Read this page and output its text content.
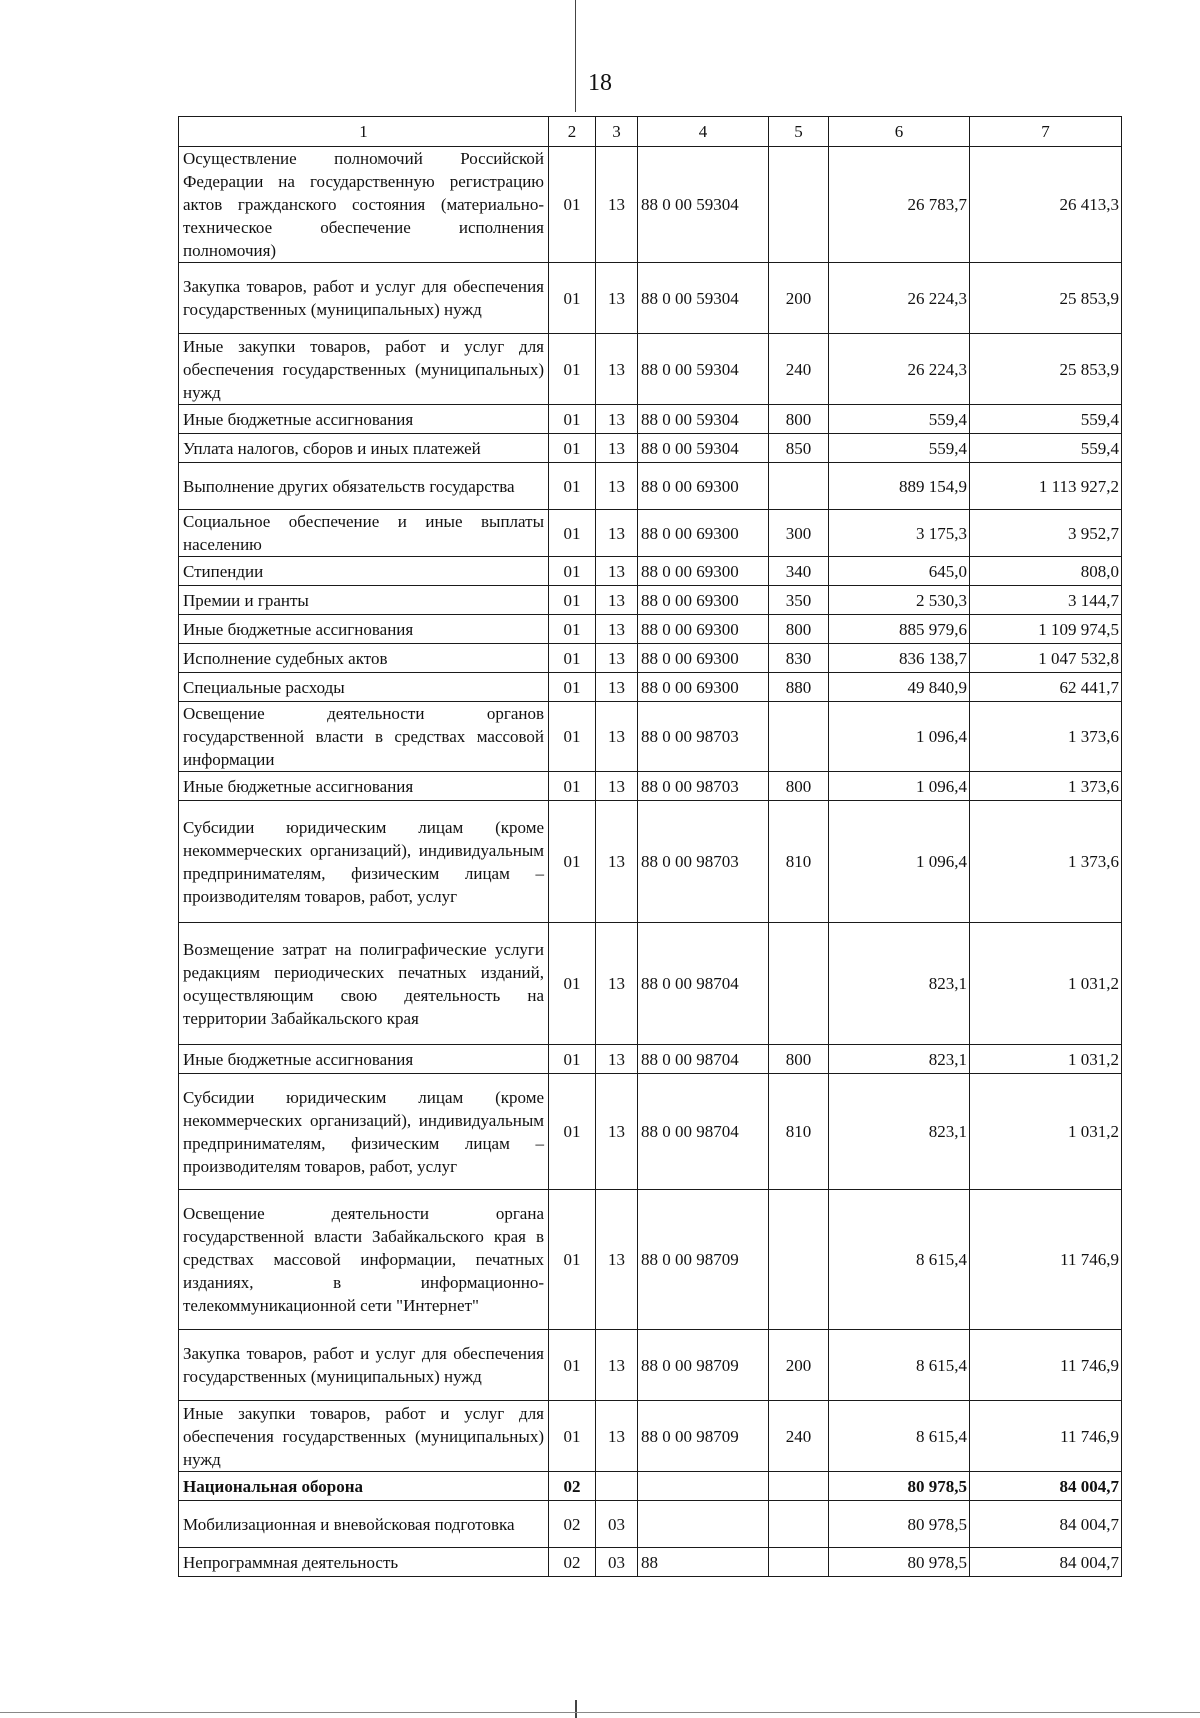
18
1	2	3	4	5	6	7
Осуществление полномочий Российской Федерации на государственную регистрацию актов гражданского состояния (материально-техническое обеспечение исполнения полномочия)	01	13	88 0 00 59304		26 783,7	26 413,3
Закупка товаров, работ и услуг для обеспечения государственных (муниципальных) нужд	01	13	88 0 00 59304	200	26 224,3	25 853,9
Иные закупки товаров, работ и услуг для обеспечения государственных (муниципальных) нужд	01	13	88 0 00 59304	240	26 224,3	25 853,9
Иные бюджетные ассигнования	01	13	88 0 00 59304	800	559,4	559,4
Уплата налогов, сборов и иных платежей	01	13	88 0 00 59304	850	559,4	559,4
Выполнение других обязательств государства	01	13	88 0 00 69300		889 154,9	1 113 927,2
Социальное обеспечение и иные выплаты населению	01	13	88 0 00 69300	300	3 175,3	3 952,7
Стипендии	01	13	88 0 00 69300	340	645,0	808,0
Премии и гранты	01	13	88 0 00 69300	350	2 530,3	3 144,7
Иные бюджетные ассигнования	01	13	88 0 00 69300	800	885 979,6	1 109 974,5
Исполнение судебных актов	01	13	88 0 00 69300	830	836 138,7	1 047 532,8
Специальные расходы	01	13	88 0 00 69300	880	49 840,9	62 441,7
Освещение деятельности органов государственной власти в средствах массовой информации	01	13	88 0 00 98703		1 096,4	1 373,6
Иные бюджетные ассигнования	01	13	88 0 00 98703	800	1 096,4	1 373,6
Субсидии юридическим лицам (кроме некоммерческих организаций), индивидуальным предпринимателям, физическим лицам – производителям товаров, работ, услуг	01	13	88 0 00 98703	810	1 096,4	1 373,6
Возмещение затрат на полиграфические услуги редакциям периодических печатных изданий, осуществляющим свою деятельность на территории Забайкальского края	01	13	88 0 00 98704		823,1	1 031,2
Иные бюджетные ассигнования	01	13	88 0 00 98704	800	823,1	1 031,2
Субсидии юридическим лицам (кроме некоммерческих организаций), индивидуальным предпринимателям, физическим лицам – производителям товаров, работ, услуг	01	13	88 0 00 98704	810	823,1	1 031,2
Освещение деятельности органа государственной власти Забайкальского края в средствах массовой информации, печатных изданиях, в информационно-телекоммуникационной сети "Интернет"	01	13	88 0 00 98709		8 615,4	11 746,9
Закупка товаров, работ и услуг для обеспечения государственных (муниципальных) нужд	01	13	88 0 00 98709	200	8 615,4	11 746,9
Иные закупки товаров, работ и услуг для обеспечения государственных (муниципальных) нужд	01	13	88 0 00 98709	240	8 615,4	11 746,9
Национальная оборона	02				80 978,5	84 004,7
Мобилизационная и вневойсковая подготовка	02	03			80 978,5	84 004,7
Непрограммная деятельность	02	03	88		80 978,5	84 004,7
